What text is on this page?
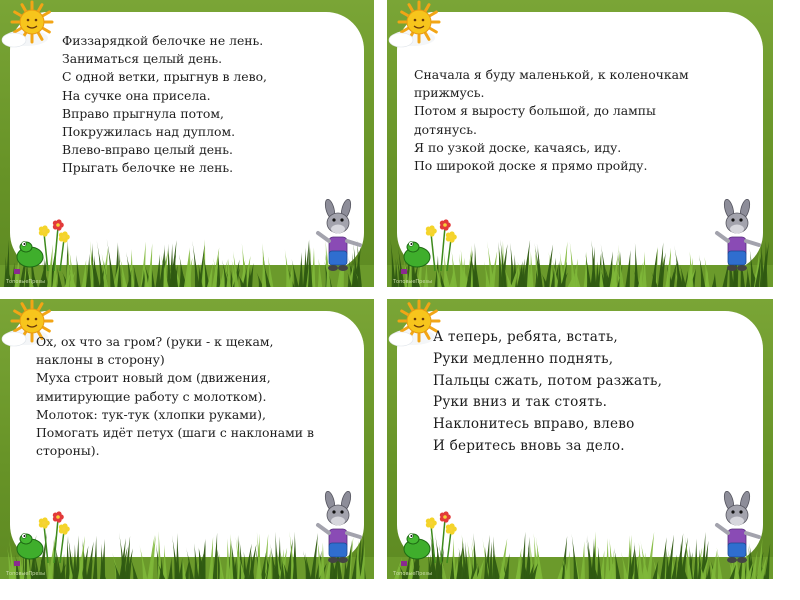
Физзарядкой белочке не лень.
Заниматься целый день.
С одной ветки, прыгнув в лево,
На сучке она присела.
Вправо прыгнула потом,
Покружилась над дуплом.
Влево-вправо целый день.
Прыгать белочке не лень.
ТоповыеПрезы
Сначала я буду маленькой, к коленочкам
прижмусь.
Потом я выросту большой, до лампы
дотянусь.
Я по узкой доске, качаясь, иду.
По широкой доске я прямо пройду.
ТоповыеПрезы
Ох, ох что за гром? (руки - к щекам,
наклоны в сторону)
Муха строит новый дом (движения,
имитирующие работу с молотком).
Молоток: тук-тук (хлопки руками),
Помогать идёт петух (шаги с наклонами в
стороны).
ТоповыеПрезы
А теперь, ребята, встать,
Руки медленно поднять,
Пальцы сжать, потом разжать,
Руки вниз и так стоять.
Наклонитесь вправо, влево
И беритесь вновь за дело.
ТоповыеПрезы
